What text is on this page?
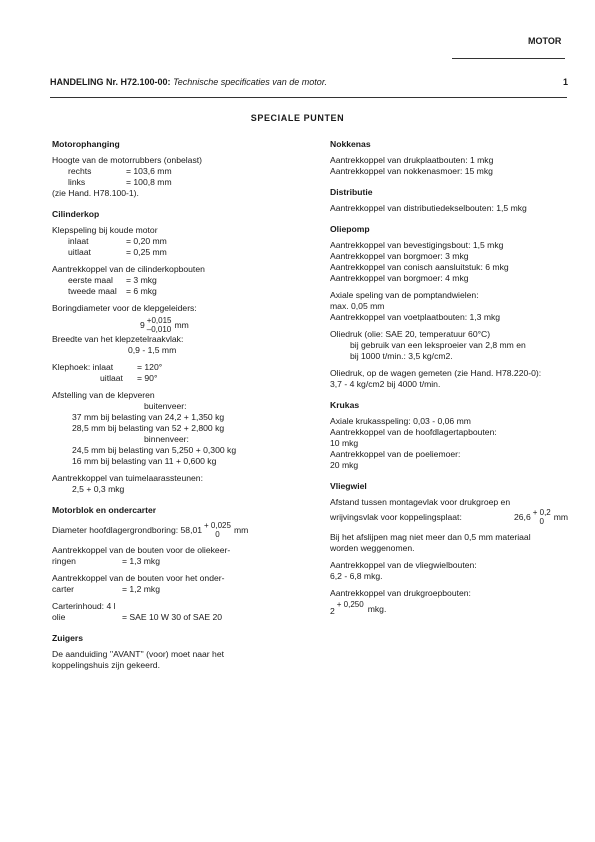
MOTOR
HANDELING Nr. H72.100-00: Technische specificaties van de motor.	1
SPECIALE PUNTEN

Motorophanging

Hoogte van de motorrubbers (onbelast)

rechts	= 103,6 mm

links	= 100,8 mm

(zie Hand. H78.100-1).

Cilinderkop

Klepspeling bij koude motor

inlaat	= 0,20 mm

uitlaat	= 0,25 mm

Aantrekkoppel van de cilinderkopbouten

eerste maal = 3 mkg

tweede maal = 6 mkg

Boringdiameter voor de klepgeleiders:

9 +0,015
–0,010 mm

Breedte van het klepzetelraakvlak:

0,9 - 1,5 mm

Klephoek: inlaat	= 120°

uitlaat = 90°

Afstelling van de klepveren

buitenveer:

37 mm bij belasting van 24,2 + 1,350 kg

28,5 mm bij belasting van 52 + 2,800 kg

binnenveer:

24,5 mm bij belasting van 5,250 + 0,300 kg

16 mm bij belasting van 11 + 0,600 kg

Aantrekkoppel van tuimelaarassteunen:

2,5 + 0,3 mkg

Motorblok en ondercarter

Diameter hoofdlagergrondboring: 58,01 + 0,025
0 mm

Aantrekkoppel van de bouten voor de oliekeer-

ringen	= 1,3 mkg

Aantrekkoppel van de bouten voor het onder-

carter	= 1,2 mkg

Carterinhoud: 4 l

olie	= SAE 10 W 30 of SAE 20

Zuigers

De aanduiding ''AVANT'' (voor) moet naar het

koppelingshuis zijn gekeerd.

Nokkenas

Aantrekkoppel van drukplaatbouten: 1 mkg

Aantrekkoppel van nokkenasmoer: 15 mkg

Distributie

Aantrekkoppel van distributiedekselbouten: 1,5 mkg

Oliepomp

Aantrekkoppel van bevestigingsbout: 1,5 mkg

Aantrekkoppel van borgmoer: 3 mkg

Aantrekkoppel van conisch aansluitstuk: 6 mkg

Aantrekkoppel van borgmoer: 4 mkg

Axiale speling van de pomptandwielen:

max. 0,05 mm

Aantrekkoppel van voetplaatbouten: 1,3 mkg

Oliedruk (olie: SAE 20, temperatuur 60°C)

bij gebruik van een leksproeier van 2,8 mm en

bij 1000 t/min.: 3,5 kg/cm2.

Oliedruk, op de wagen gemeten (zie Hand. H78.220-0):

3,7 - 4 kg/cm2 bij 4000 t/min.

Krukas

Axiale krukasspeling: 0,03 - 0,06 mm

Aantrekkoppel van de hoofdlagertapbouten:

10 mkg

Aantrekkoppel van de poeliemoer:

20 mkg

Vliegwiel

Afstand tussen montagevlak voor drukgroep en

wrijvingsvlak voor koppelingsplaat:	26,6 + 0,2
0 mm

Bij het afslijpen mag niet meer dan 0,5 mm materiaal

worden weggenomen.

Aantrekkoppel van de vliegwielbouten:

6,2 - 6,8 mkg.

Aantrekkoppel van drukgroepbouten:

2
+ 0,250 mkg.
